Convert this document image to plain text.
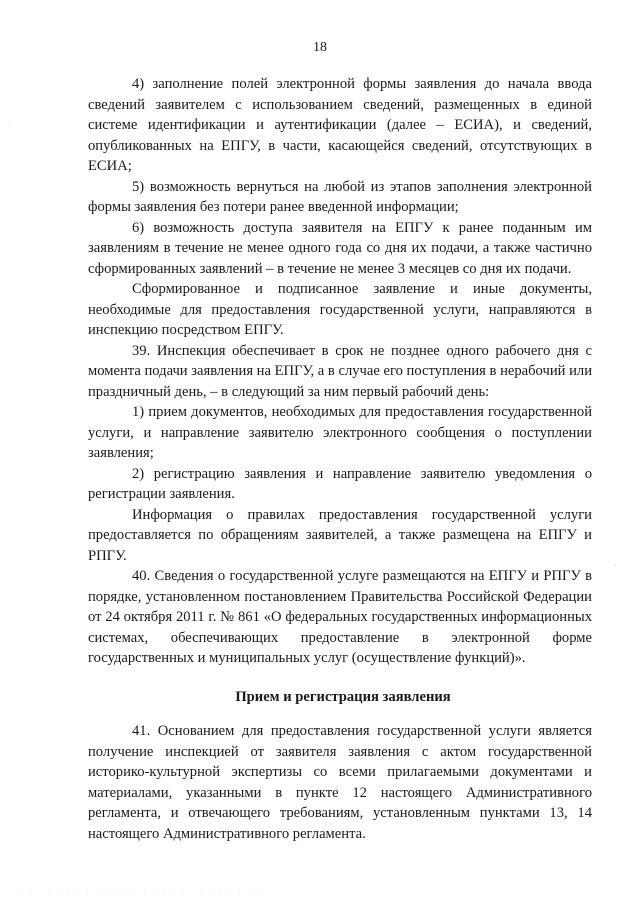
18
·
·

4) заполнение полей электронной формы заявления до начала ввода сведений заявителем с использованием сведений, размещенных в единой системе идентификации и аутентификации (далее – ЕСИА), и сведений, опубликованных на ЕПГУ, в части, касающейся сведений, отсутствующих в ЕСИА;

5) возможность вернуться на любой из этапов заполнения электронной формы заявления без потери ранее введенной информации;

6) возможность доступа заявителя на ЕПГУ к ранее поданным им заявлениям в течение не менее одного года со дня их подачи, а также частично сформированных заявлений – в течение не менее 3 месяцев со дня их подачи.

Сформированное и подписанное заявление и иные документы, необходимые для предоставления государственной услуги, направляются в инспекцию посредством ЕПГУ.

39. Инспекция обеспечивает в срок не позднее одного рабочего дня с момента подачи заявления на ЕПГУ, а в случае его поступления в нерабочий или праздничный день, – в следующий за ним первый рабочий день:

1) прием документов, необходимых для предоставления государственной услуги, и направление заявителю электронного сообщения о поступлении заявления;

2) регистрацию заявления и направление заявителю уведомления о регистрации заявления.

Информация о правилах предоставления государственной услуги предоставляется по обращениям заявителей, а также размещена на ЕПГУ и РПГУ.

40. Сведения о государственной услуге размещаются на ЕПГУ и РПГУ в порядке, установленном постановлением Правительства Российской Федерации от 24 октября 2011 г. № 861 «О федеральных государственных информационных системах, обеспечивающих предоставление в электронной форме государственных и муниципальных услуг (осуществление функций)».

Прием и регистрация заявления

41. Основанием для предоставления государственной услуги является получение инспекцией от заявителя заявления с актом государственной историко-культурной экспертизы со всеми прилагаемыми документами и материалами, указанными в пункте 12 настоящего Административного регламента, и отвечающего требованиям, установленным пунктами 13, 14 настоящего Административного регламента.

· · · · · · · · · · · · · · · · · · · · · · · · · ·
